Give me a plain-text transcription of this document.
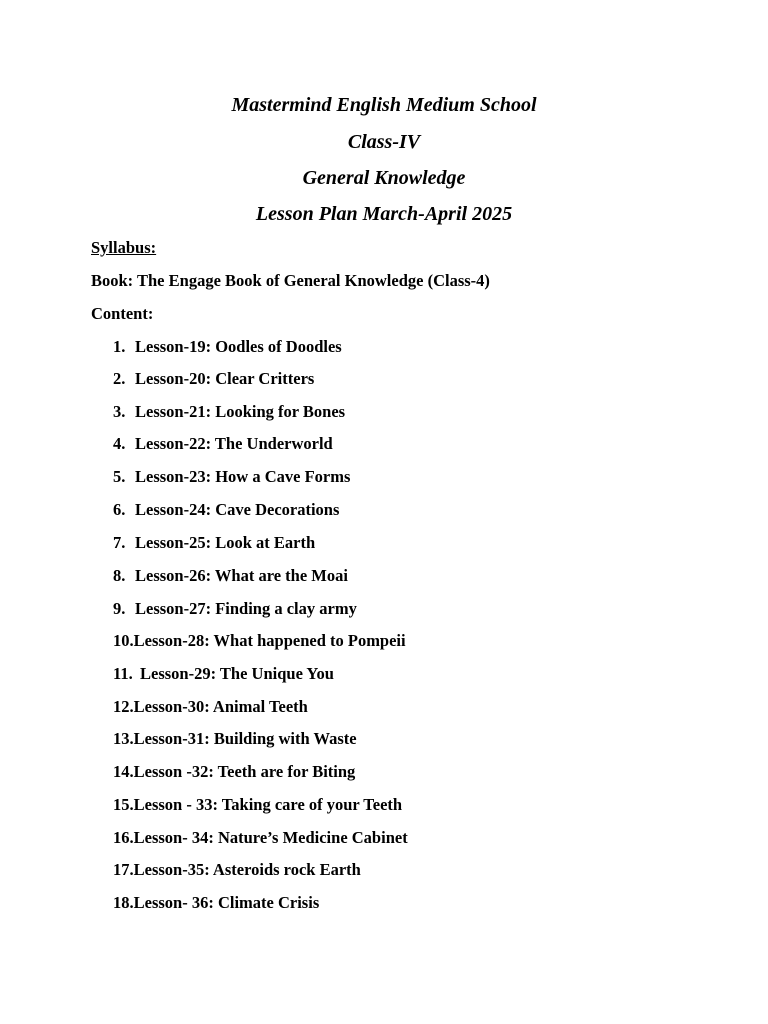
Mastermind English Medium School
Class-IV
General Knowledge
Lesson Plan March-April 2025
Syllabus:
Book: The Engage Book of General Knowledge (Class-4)
Content:
1. Lesson-19: Oodles of Doodles
2. Lesson-20: Clear Critters
3. Lesson-21: Looking for Bones
4. Lesson-22: The Underworld
5. Lesson-23: How a Cave Forms
6. Lesson-24: Cave Decorations
7. Lesson-25: Look at Earth
8. Lesson-26: What are the Moai
9. Lesson-27: Finding a clay army
10.Lesson-28: What happened to Pompeii
11. Lesson-29: The Unique You
12.Lesson-30: Animal Teeth
13.Lesson-31: Building with Waste
14.Lesson -32: Teeth are for Biting
15.Lesson - 33: Taking care of your Teeth
16.Lesson- 34: Nature’s Medicine Cabinet
17.Lesson-35: Asteroids rock Earth
18.Lesson- 36: Climate Crisis
